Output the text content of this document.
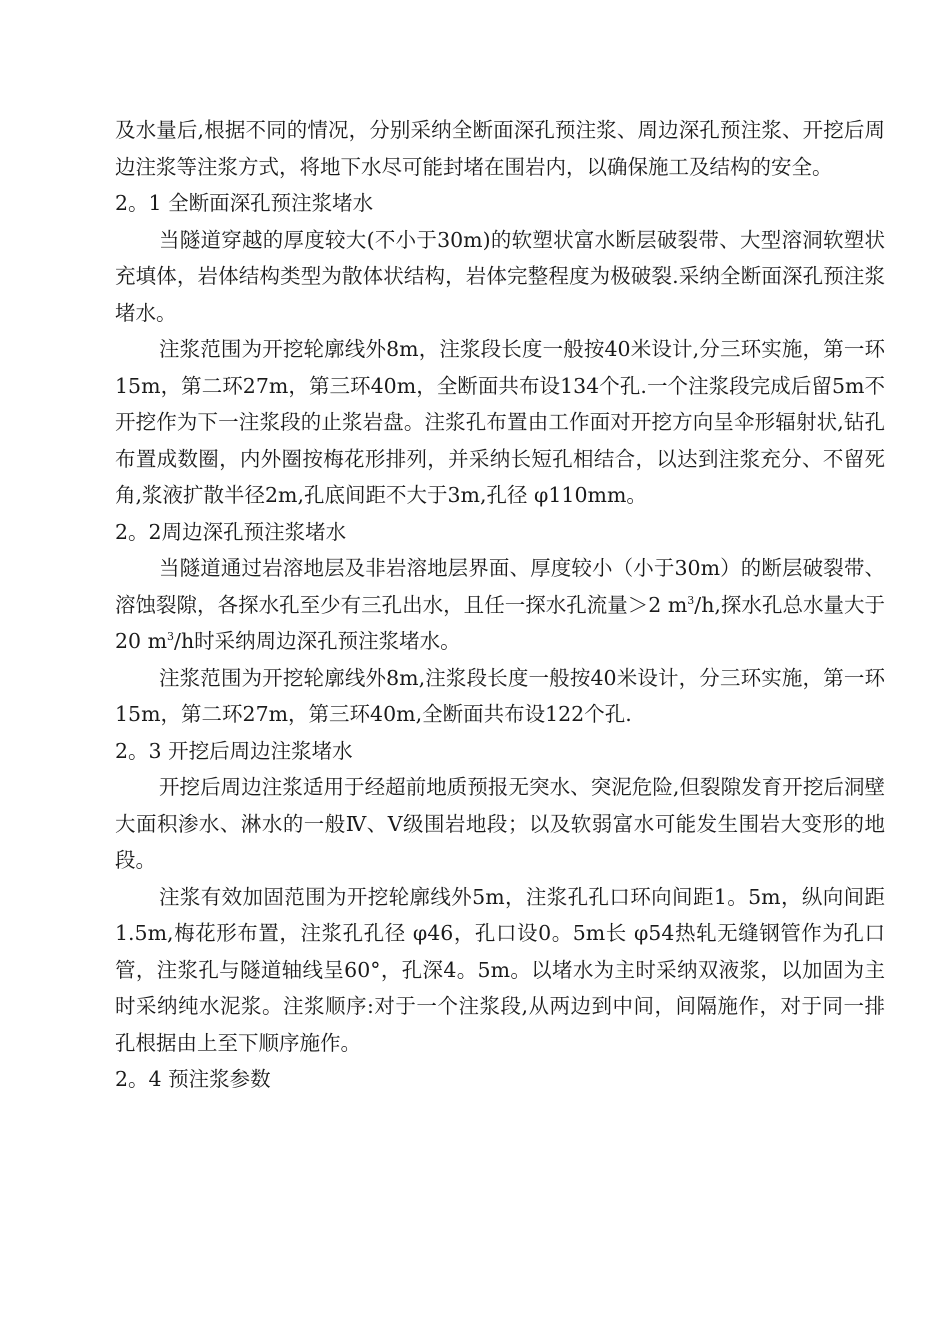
及水量后,根据不同的情况，分别采纳全断面深孔预注浆、周边深孔预注浆、开挖后周边注浆等注浆方式，将地下水尽可能封堵在围岩内，以确保施工及结构的安全。

2。1 全断面深孔预注浆堵水

当隧道穿越的厚度较大(不小于30m)的软塑状富水断层破裂带、大型溶洞软塑状充填体，岩体结构类型为散体状结构，岩体完整程度为极破裂.采纳全断面深孔预注浆堵水。

注浆范围为开挖轮廓线外8m，注浆段长度一般按40米设计,分三环实施，第一环15m，第二环27m，第三环40m，全断面共布设134个孔.一个注浆段完成后留5m不开挖作为下一注浆段的止浆岩盘。注浆孔布置由工作面对开挖方向呈伞形辐射状,钻孔布置成数圈，内外圈按梅花形排列，并采纳长短孔相结合，以达到注浆充分、不留死角,浆液扩散半径2m,孔底间距不大于3m,孔径 φ110mm。

2。2周边深孔预注浆堵水

当隧道通过岩溶地层及非岩溶地层界面、厚度较小（小于30m）的断层破裂带、溶蚀裂隙，各探水孔至少有三孔出水，且任一探水孔流量＞2 $m^3/h$,探水孔总水量大于20 $m^3/h$时采纳周边深孔预注浆堵水。

注浆范围为开挖轮廓线外8m,注浆段长度一般按40米设计，分三环实施，第一环15m，第二环27m，第三环40m,全断面共布设122个孔.

2。3 开挖后周边注浆堵水

开挖后周边注浆适用于经超前地质预报无突水、突泥危险,但裂隙发育开挖后洞壁大面积渗水、淋水的一般Ⅳ、Ⅴ级围岩地段；以及软弱富水可能发生围岩大变形的地段。

注浆有效加固范围为开挖轮廓线外5m，注浆孔孔口环向间距1。5m，纵向间距1.5m,梅花形布置，注浆孔孔径 φ46，孔口设0。5m长 φ54热轧无缝钢管作为孔口管，注浆孔与隧道轴线呈60°，孔深4。5m。以堵水为主时采纳双液浆，以加固为主时采纳纯水泥浆。注浆顺序:对于一个注浆段,从两边到中间，间隔施作，对于同一排孔根据由上至下顺序施作。

2。4 预注浆参数
